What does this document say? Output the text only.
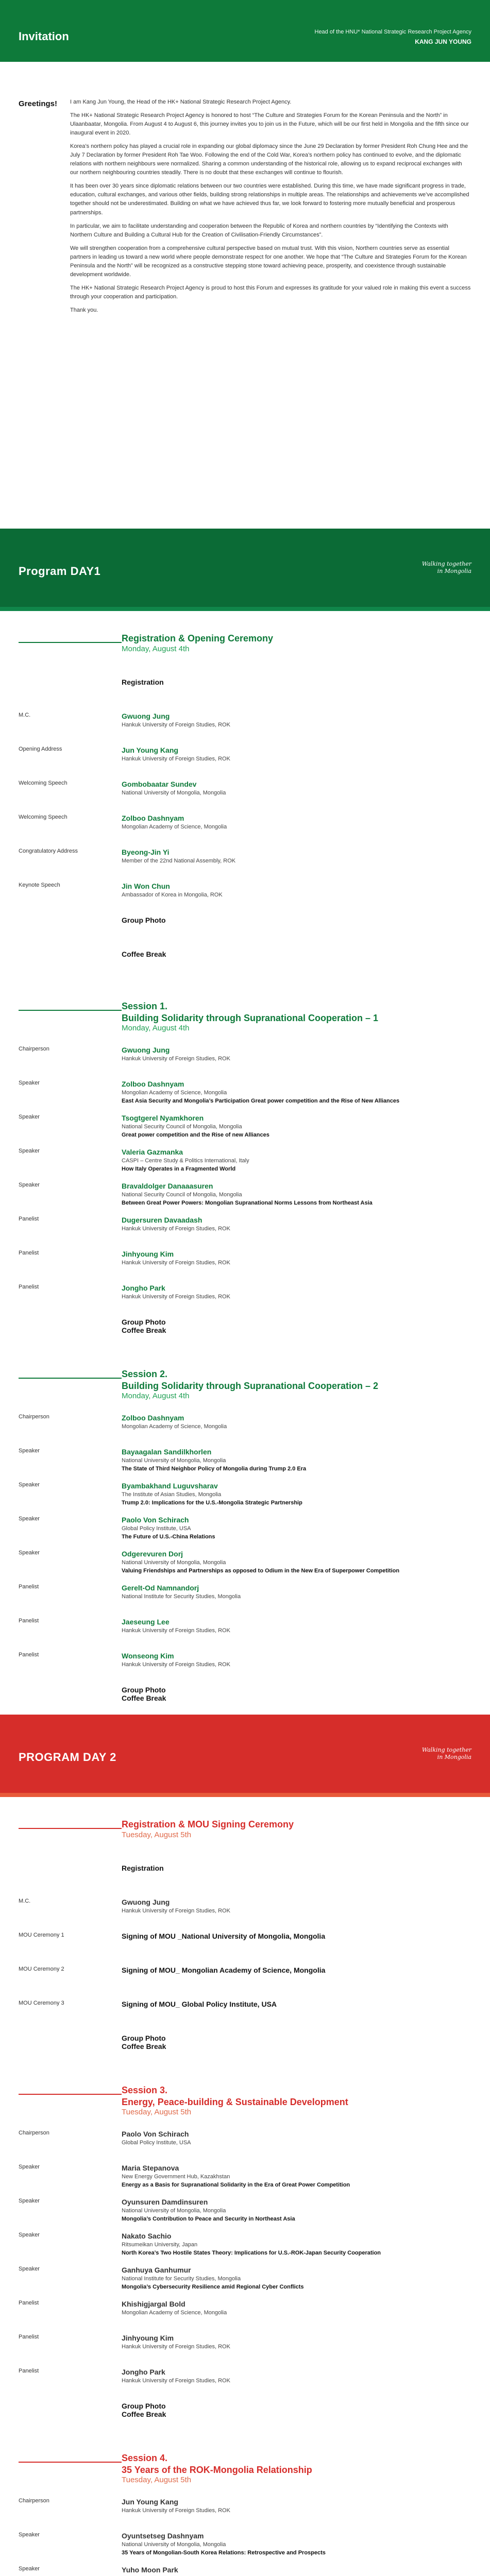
Invitation	Head of the HNU* National Strategic Research Project Agency
KANG JUN YOUNG
Greetings!	I am Kang Jun Young, the Head of the HK+ National Strategic Research Project Agency.

The HK+ National Strategic Research Project Agency is honored to host “The Culture and Strategies Forum for the Korean Peninsula and the North” in Ulaanbaatar, Mongolia. From August 4 to August 6, this journey invites you to join us in the Future, which will be our first held in Mongolia and the fifth since our inaugural event in 2020.

Korea’s northern policy has played a crucial role in expanding our global diplomacy since the June 29 Declaration by former President Roh Chung Hee and the July 7 Declaration by former President Roh Tae Woo. Following the end of the Cold War, Korea’s northern policy has continued to evolve, and the diplomatic relations with northern neighbours were normalized. Sharing a common understanding of the historical role, allowing us to expand reciprocal exchanges with our northern neighbouring countries steadily. There is no doubt that these exchanges will continue to flourish.

It has been over 30 years since diplomatic relations between our two countries were established. During this time, we have made significant progress in trade, education, cultural exchanges, and various other fields, building strong relationships in multiple areas. The relationships and achievements we’ve accomplished together should not be underestimated. Building on what we have achieved thus far, we look forward to fostering more mutually beneficial and prosperous partnerships.

In particular, we aim to facilitate understanding and cooperation between the Republic of Korea and northern countries by “Identifying the Contexts with Northern Culture and Building a Cultural Hub for the Creation of Civilisation-Friendly Circumstances”.

We will strengthen cooperation from a comprehensive cultural perspective based on mutual trust. With this vision, Northern countries serve as essential partners in leading us toward a new world where people demonstrate respect for one another. We hope that “The Culture and Strategies Forum for the Korean Peninsula and the North” will be recognized as a constructive stepping stone toward achieving peace, prosperity, and coexistence through sustainable development worldwide.

The HK+ National Strategic Research Project Agency is proud to host this Forum and expresses its gratitude for your valued role in making this event a success through your cooperation and participation.

Thank you.

Program DAY1
Walking together
in Mongolia
Registration & Opening Ceremony
Monday, August 4th
Registration
M.C.	Gwuong Jung
Hankuk University of Foreign Studies, ROK
Opening Address	Jun Young Kang
Hankuk University of Foreign Studies, ROK
Welcoming Speech	Gombobaatar Sundev
National University of Mongolia, Mongolia
Welcoming Speech	Zolboo Dashnyam
Mongolian Academy of Science, Mongolia
Congratulatory Address	Byeong-Jin Yi
Member of the 22nd National Assembly, ROK
Keynote Speech	Jin Won Chun
Ambassador of Korea in Mongolia, ROK
Group Photo
Coffee Break
Session 1.
Building Solidarity through Supranational Cooperation – 1
Monday, August 4th
Chairperson	Gwuong Jung
Hankuk University of Foreign Studies, ROK
Speaker	Zolboo Dashnyam
Mongolian Academy of Science, Mongolia
East Asia Security and Mongolia’s Participation Great power competition and the Rise of New Alliances
Speaker	Tsogtgerel Nyamkhoren
National Security Council of Mongolia, Mongolia
Great power competition and the Rise of new Alliances
Speaker	Valeria Gazmanka
CASPI – Centre Study & Politics International, Italy
How Italy Operates in a Fragmented World
Speaker	Bravaldolger Danaaasuren
National Security Council of Mongolia, Mongolia
Between Great Power Powers: Mongolian Supranational Norms Lessons from Northeast Asia
Panelist	Dugersuren Davaadash
Hankuk University of Foreign Studies, ROK
Panelist	Jinhyoung Kim
Hankuk University of Foreign Studies, ROK
Panelist	Jongho Park
Hankuk University of Foreign Studies, ROK
Group Photo
Coffee Break
Session 2.
Building Solidarity through Supranational Cooperation – 2
Monday, August 4th
Chairperson	Zolboo Dashnyam
Mongolian Academy of Science, Mongolia
Speaker	Bayaagalan Sandilkhorlen
National University of Mongolia, Mongolia
The State of Third Neighbor Policy of Mongolia during Trump 2.0 Era
Speaker	Byambakhand Luguvsharav
The Institute of Asian Studies, Mongolia
Trump 2.0: Implications for the U.S.-Mongolia Strategic Partnership
Speaker	Paolo Von Schirach
Global Policy Institute, USA
The Future of U.S.-China Relations
Speaker	Odgerevuren Dorj
National University of Mongolia, Mongolia
Valuing Friendships and Partnerships as opposed to Odium in the New Era of Superpower Competition
Panelist	Gerelt-Od Namnandorj
National Institute for Security Studies, Mongolia
Panelist	Jaeseung Lee
Hankuk University of Foreign Studies, ROK
Panelist	Wonseong Kim
Hankuk University of Foreign Studies, ROK
Group Photo
Coffee Break
PROGRAM DAY 2
Walking together
in Mongolia
Registration & MOU Signing Ceremony
Tuesday, August 5th
Registration
M.C.	Gwuong Jung
Hankuk University of Foreign Studies, ROK
MOU Ceremony 1	Signing of MOU _National University of Mongolia, Mongolia
MOU Ceremony 2	Signing of MOU_ Mongolian Academy of Science, Mongolia
MOU Ceremony 3	Signing of MOU_ Global Policy Institute, USA
Group Photo
Coffee Break
Session 3.
Energy, Peace-building & Sustainable Development
Tuesday, August 5th
Chairperson	Paolo Von Schirach
Global Policy Institute, USA
Speaker	Maria Stepanova
New Energy Government Hub, Kazakhstan
Energy as a Basis for Supranational Solidarity in the Era of Great Power Competition
Speaker	Oyunsuren Damdinsuren
National University of Mongolia, Mongolia
Mongolia’s Contribution to Peace and Security in Northeast Asia
Speaker	Nakato Sachio
Ritsumeikan University, Japan
North Korea’s Two Hostile States Theory: Implications for U.S.-ROK-Japan Security Cooperation
Speaker	Ganhuya Ganhumur
National Institute for Security Studies, Mongolia
Mongolia’s Cybersecurity Resilience amid Regional Cyber Conflicts
Panelist	Khishigjargal Bold
Mongolian Academy of Science, Mongolia
Panelist	Jinhyoung Kim
Hankuk University of Foreign Studies, ROK
Panelist	Jongho Park
Hankuk University of Foreign Studies, ROK
Group Photo
Coffee Break
Session 4.
35 Years of the ROK-Mongolia Relationship
Tuesday, August 5th
Chairperson	Jun Young Kang
Hankuk University of Foreign Studies, ROK
Speaker	Oyuntsetseg Dashnyam
National University of Mongolia, Mongolia
35 Years of Mongolian-South Korea Relations: Retrospective and Prospects
Speaker	Yuho Moon Park
